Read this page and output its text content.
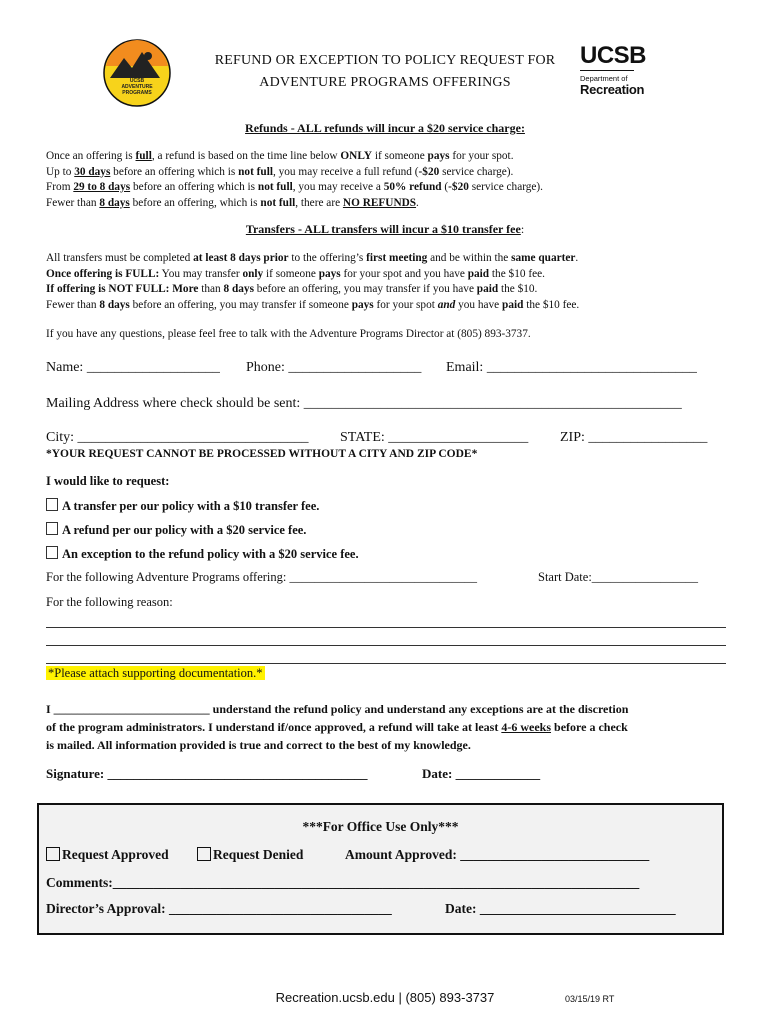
UCSB ADVENTURE PROGRAMS
REFUND OR EXCEPTION TO POLICY REQUEST FOR
ADVENTURE PROGRAMS OFFERINGS
UCSB
Department of
Recreation
Refunds - ALL refunds will incur a $20 service charge:
Once an offering is full, a refund is based on the time line below ONLY if someone pays for your spot.
Up to 30 days before an offering which is not full, you may receive a full refund (-$20 service charge).
From 29 to 8 days before an offering which is not full, you may receive a 50% refund (-$20 service charge).
Fewer than 8 days before an offering, which is not full, there are NO REFUNDS.
Transfers - ALL transfers will incur a $10 transfer fee:
All transfers must be completed at least 8 days prior to the offering’s first meeting and be within the same quarter.
Once offering is FULL: You may transfer only if someone pays for your spot and you have paid the $10 fee.
If offering is NOT FULL: More than 8 days before an offering, you may transfer if you have paid the $10.
Fewer than 8 days before an offering, you may transfer if someone pays for your spot and you have paid the $10 fee.
If you have any questions, please feel free to talk with the Adventure Programs Director at (805) 893-3737.
Name: ___________________ Phone: ___________________ Email: ______________________________
Mailing Address where check should be sent: ______________________________________________________
City: _________________________________ STATE: ____________________ ZIP: _________________
*YOUR REQUEST CANNOT BE PROCESSED WITHOUT A CITY AND ZIP CODE*
I would like to request:
A transfer per our policy with a $10 transfer fee.
A refund per our policy with a $20 service fee.
An exception to the refund policy with a $20 service fee.
For the following Adventure Programs offering: ______________________________	Start Date:_________________
For the following reason:
*Please attach supporting documentation.*
I __________________________ understand the refund policy and understand any exceptions are at the discretion
of the program administrators. I understand if/once approved, a refund will take at least 4-6 weeks before a check
is mailed. All information provided is true and correct to the best of my knowledge.
Signature: ________________________________________	Date: _____________
***For Office Use Only***
Request Approved	Request Denied	Amount Approved: ____________________________
Comments:______________________________________________________________________________
Director’s Approval: _________________________________	Date: _____________________________
Recreation.ucsb.edu | (805) 893-3737	03/15/19 RT
